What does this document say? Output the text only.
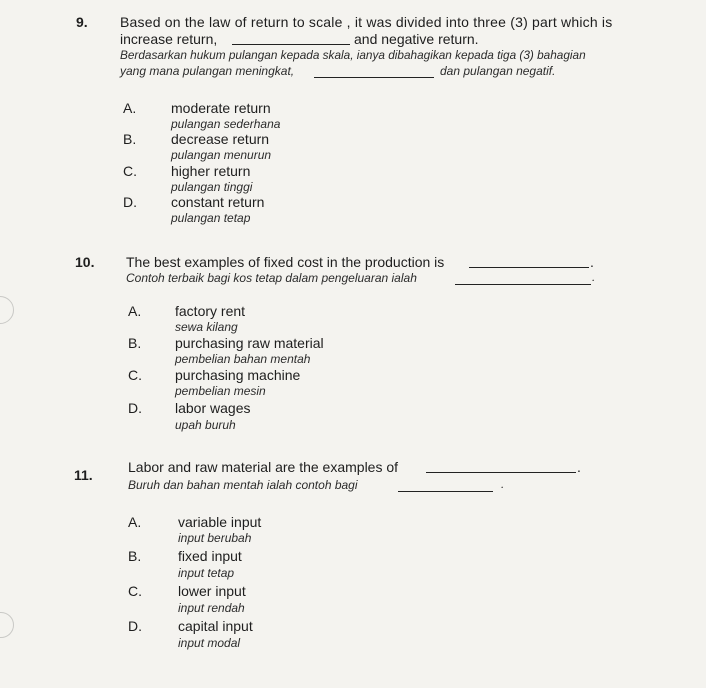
9. Based on the law of return to scale , it was divided into three (3) part which is
increase return,	and negative return.
Berdasarkan hukum pulangan kepada skala, ianya dibahagikan kepada tiga (3) bahagian
yang mana pulangan meningkat,	dan pulangan negatif.
A. moderate return
pulangan sederhana
B. decrease return
pulangan menurun
C. higher return
pulangan tinggi
D. constant return
pulangan tetap
10. The best examples of fixed cost in the production is	.
Contoh terbaik bagi kos tetap dalam pengeluaran ialah	.
A. factory rent
sewa kilang
B. purchasing raw material
pembelian bahan mentah
C. purchasing machine
pembelian mesin
D. labor wages
upah buruh
11.	Labor and raw material are the examples of	.
Buruh dan bahan mentah ialah contoh bagi	.
A.	variable input
input berubah
B.	fixed input
input tetap
C.	lower input
input rendah
D.	capital input
input modal
